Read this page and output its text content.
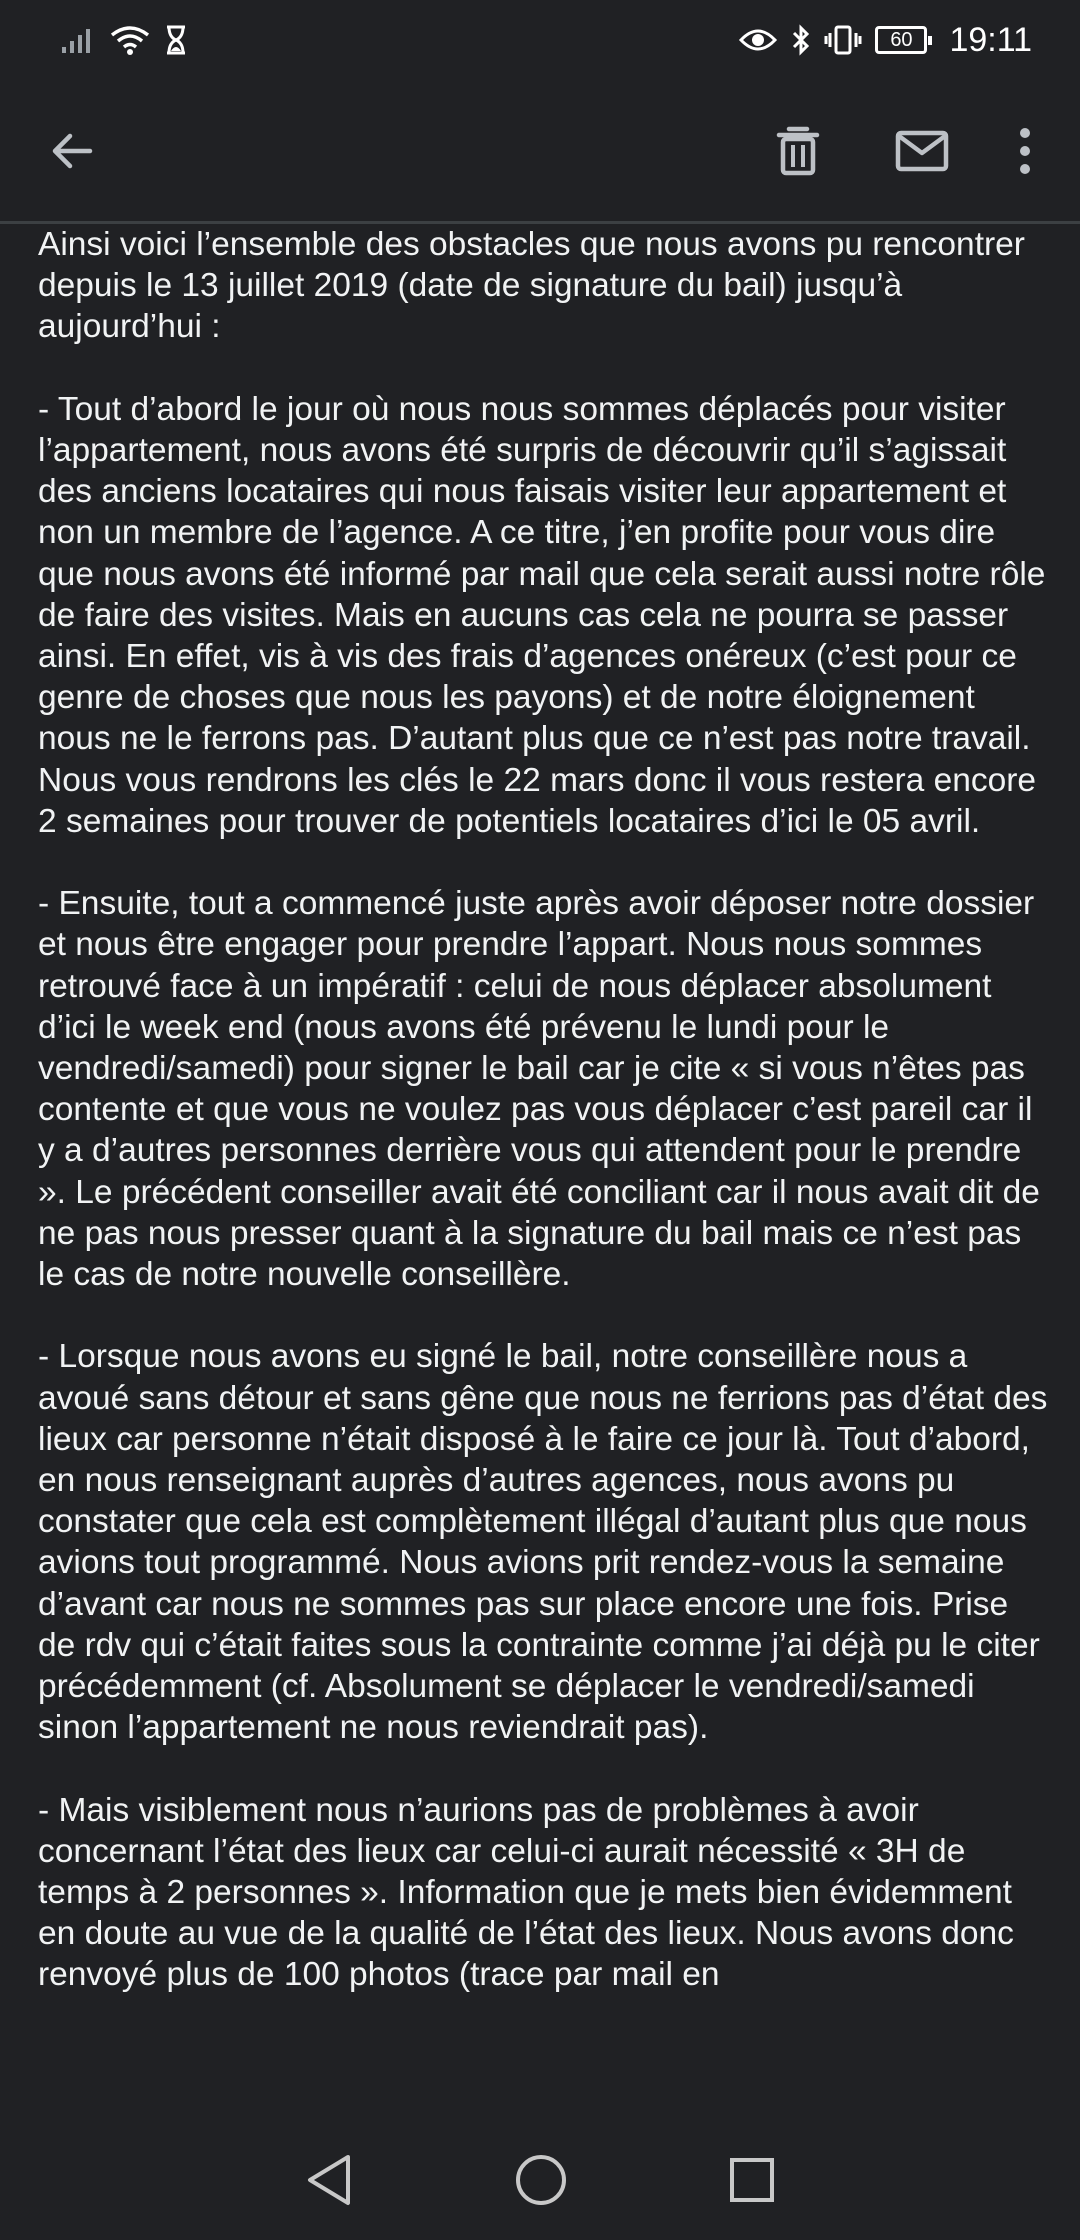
60 19:11

Ainsi voici l’ensemble des obstacles que nous avons pu rencontrer depuis le 13 juillet 2019 (date de signature du bail) jusqu’à aujourd’hui :

- Tout d’abord le jour où nous nous sommes déplacés pour visiter l’appartement, nous avons été surpris de découvrir qu’il s’agissait des anciens locataires qui nous faisais visiter leur appartement et non un membre de l’agence. A ce titre, j’en profite pour vous dire que nous avons été informé par mail que cela serait aussi notre rôle de faire des visites. Mais en aucuns cas cela ne pourra se passer ainsi. En effet, vis à vis des frais d’agences onéreux (c’est pour ce genre de choses que nous les payons) et de notre éloignement nous ne le ferrons pas. D’autant plus que ce n’est pas notre travail. Nous vous rendrons les clés le 22 mars donc il vous restera encore 2 semaines pour trouver de potentiels locataires d’ici le 05 avril.

- Ensuite, tout a commencé juste après avoir déposer notre dossier et nous être engager pour prendre l’appart. Nous nous sommes retrouvé face à un impératif : celui de nous déplacer absolument d’ici le week end (nous avons été prévenu le lundi pour le vendredi/samedi) pour signer le bail car je cite « si vous n’êtes pas contente et que vous ne voulez pas vous déplacer c’est pareil car il y a d’autres personnes derrière vous qui attendent pour le prendre ». Le précédent conseiller avait été conciliant car il nous avait dit de ne pas nous presser quant à la signature du bail mais ce n’est pas le cas de notre nouvelle conseillère.

- Lorsque nous avons eu signé le bail, notre conseillère nous a avoué sans détour et sans gêne que nous ne ferrions pas d’état des lieux car personne n’était disposé à le faire ce jour là. Tout d’abord, en nous renseignant auprès d’autres agences, nous avons pu constater que cela est complètement illégal d’autant plus que nous avions tout programmé. Nous avions prit rendez-vous la semaine d’avant car nous ne sommes pas sur place encore une fois. Prise de rdv qui c’était faites sous la contrainte comme j’ai déjà pu le citer précédemment (cf. Absolument se déplacer le vendredi/samedi sinon l’appartement ne nous reviendrait pas).

- Mais visiblement nous n’aurions pas de problèmes à avoir concernant l’état des lieux car celui-ci aurait nécessité « 3H de temps à 2 personnes ». Information que je mets bien évidemment en doute au vue de la qualité de l’état des lieux. Nous avons donc renvoyé plus de 100 photos (trace par mail en
